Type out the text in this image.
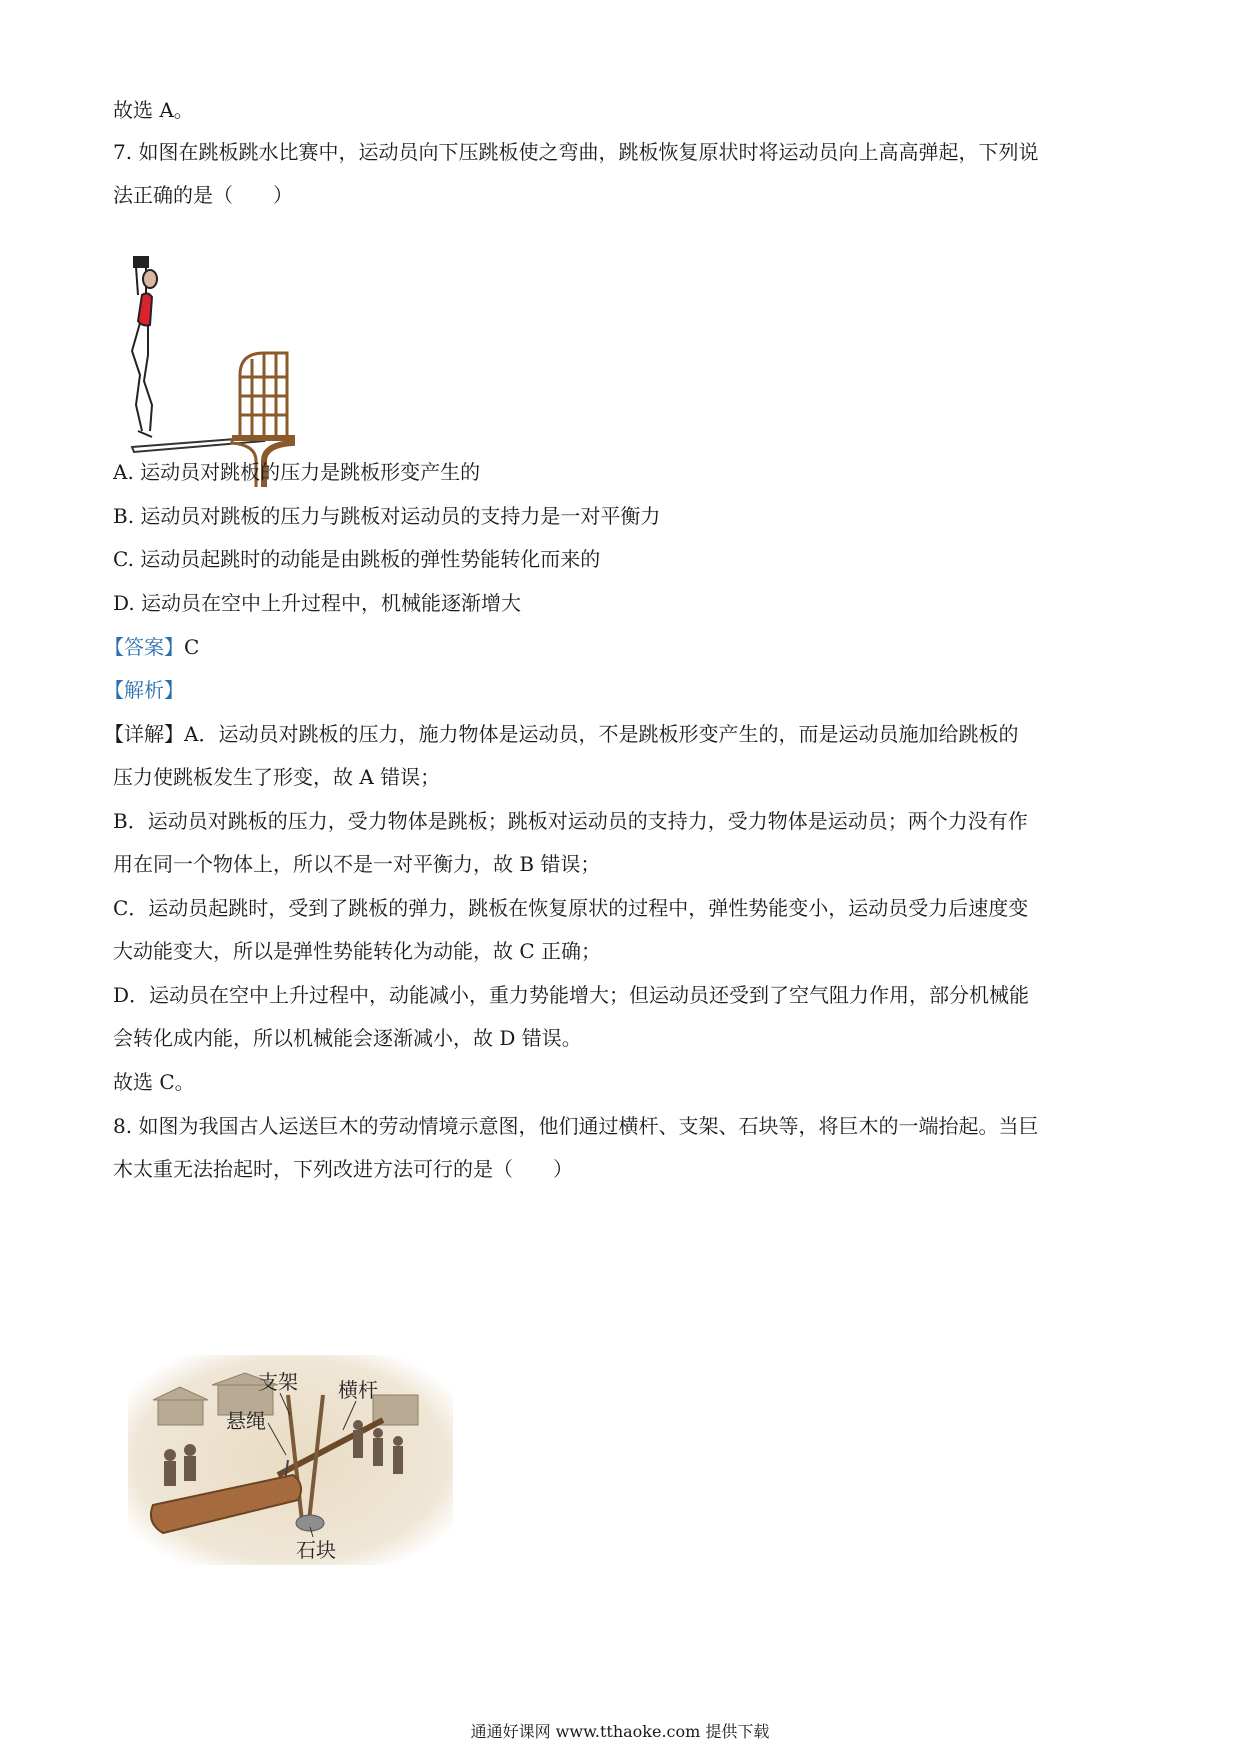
故选 A。
7. 如图在跳板跳水比赛中，运动员向下压跳板使之弯曲，跳板恢复原状时将运动员向上高高弹起，下列说
法正确的是（　　）
A. 运动员对跳板的压力是跳板形变产生的
B. 运动员对跳板的压力与跳板对运动员的支持力是一对平衡力
C. 运动员起跳时的动能是由跳板的弹性势能转化而来的
D. 运动员在空中上升过程中，机械能逐渐增大
【答案】C
【解析】
【详解】A．运动员对跳板的压力，施力物体是运动员，不是跳板形变产生的，而是运动员施加给跳板的
压力使跳板发生了形变，故 A 错误；
B．运动员对跳板的压力，受力物体是跳板；跳板对运动员的支持力，受力物体是运动员；两个力没有作
用在同一个物体上，所以不是一对平衡力，故 B 错误；
C．运动员起跳时，受到了跳板的弹力，跳板在恢复原状的过程中，弹性势能变小，运动员受力后速度变
大动能变大，所以是弹性势能转化为动能，故 C 正确；
D．运动员在空中上升过程中，动能减小，重力势能增大；但运动员还受到了空气阻力作用，部分机械能
会转化成内能，所以机械能会逐渐减小，故 D 错误。
故选 C。
8. 如图为我国古人运送巨木的劳动情境示意图，他们通过横杆、支架、石块等，将巨木的一端抬起。当巨
木太重无法抬起时，下列改进方法可行的是（　　）
支架 横杆
悬绳
石块
通通好课网 www.tthaoke.com 提供下载
